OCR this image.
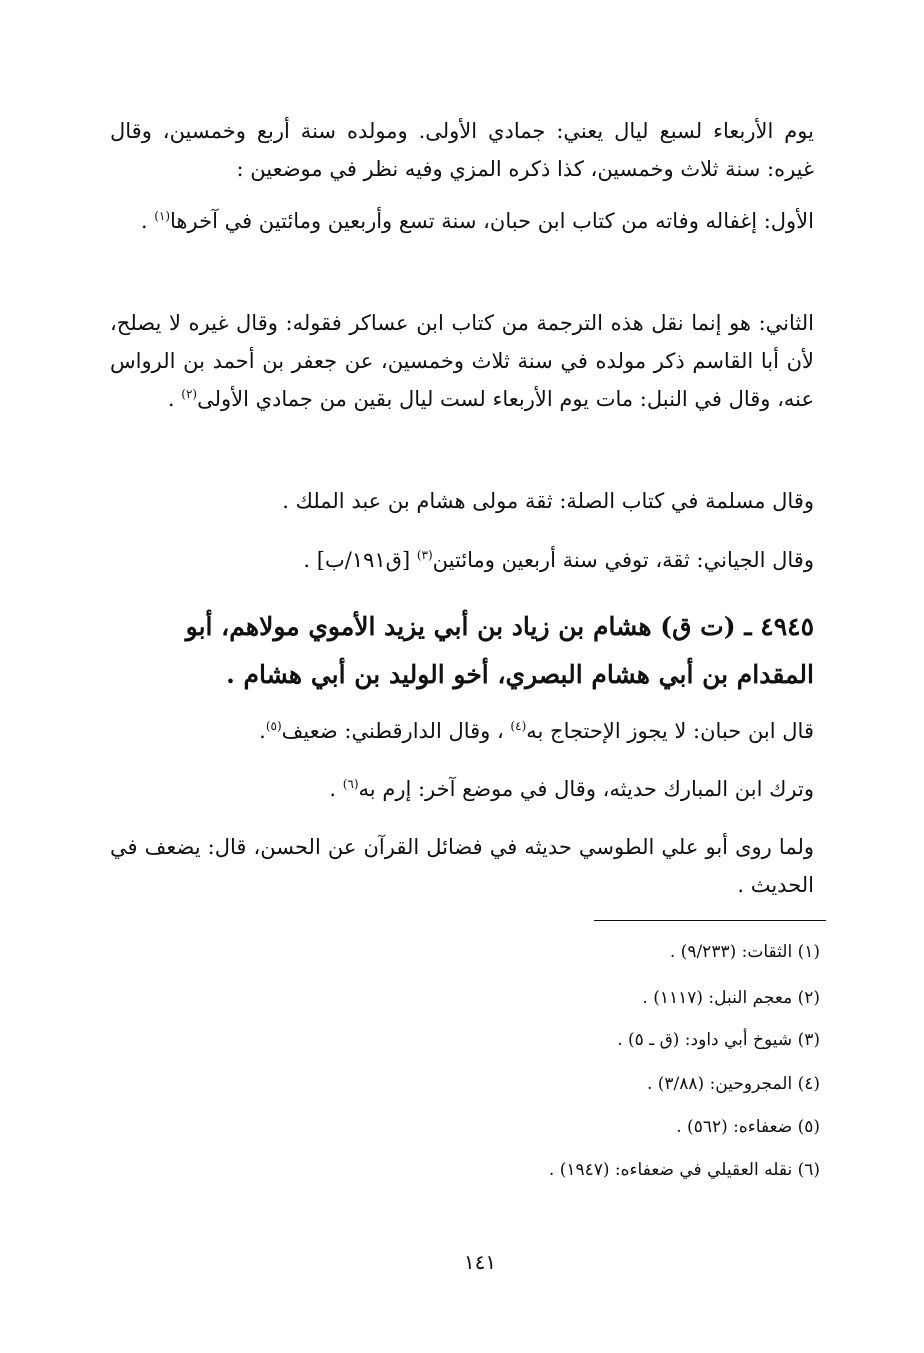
يوم الأربعاء لسبع ليال يعني: جمادي الأولى. ومولده سنة أربع وخمسين، وقال غيره: سنة ثلاث وخمسين، كذا ذكره المزي وفيه نظر في موضعين :

الأول: إغفاله وفاته من كتاب ابن حبان، سنة تسع وأربعين ومائتين في آخرها$^{(١)}$ .

الثاني: هو إنما نقل هذه الترجمة من كتاب ابن عساكر فقوله: وقال غيره لا يصلح، لأن أبا القاسم ذكر مولده في سنة ثلاث وخمسين، عن جعفر بن أحمد بن الرواس عنه، وقال في النبل: مات يوم الأربعاء لست ليال بقين من جمادي الأولى$^{(٢)}$ .

وقال مسلمة في كتاب الصلة: ثقة مولى هشام بن عبد الملك .

وقال الجياني: ثقة، توفي سنة أربعين ومائتين$^{(٣)}$ [ق١٩١/ب] .

٤٩٤٥ ـ (ت ق) هشام بن زياد بن أبي يزيد الأموي مولاهم، أبو المقدام بن أبي هشام البصري، أخو الوليد بن أبي هشام .

قال ابن حبان: لا يجوز الإحتجاج به$^{(٤)}$ ، وقال الدارقطني: ضعيف$^{(٥)}$.

وترك ابن المبارك حديثه، وقال في موضع آخر: إرم به$^{(٦)}$ .

ولما روى أبو علي الطوسي حديثه في فضائل القرآن عن الحسن، قال: يضعف في الحديث .

(١) الثقات: (٩/٢٣٣) .

(٢) معجم النبل: (١١١٧) .

(٣) شيوخ أبي داود: (ق ـ ٥) .

(٤) المجروحين: (٣/٨٨) .

(٥) ضعفاءه: (٥٦٢) .

(٦) نقله العقيلي في ضعفاءه: (١٩٤٧) .

١٤١
